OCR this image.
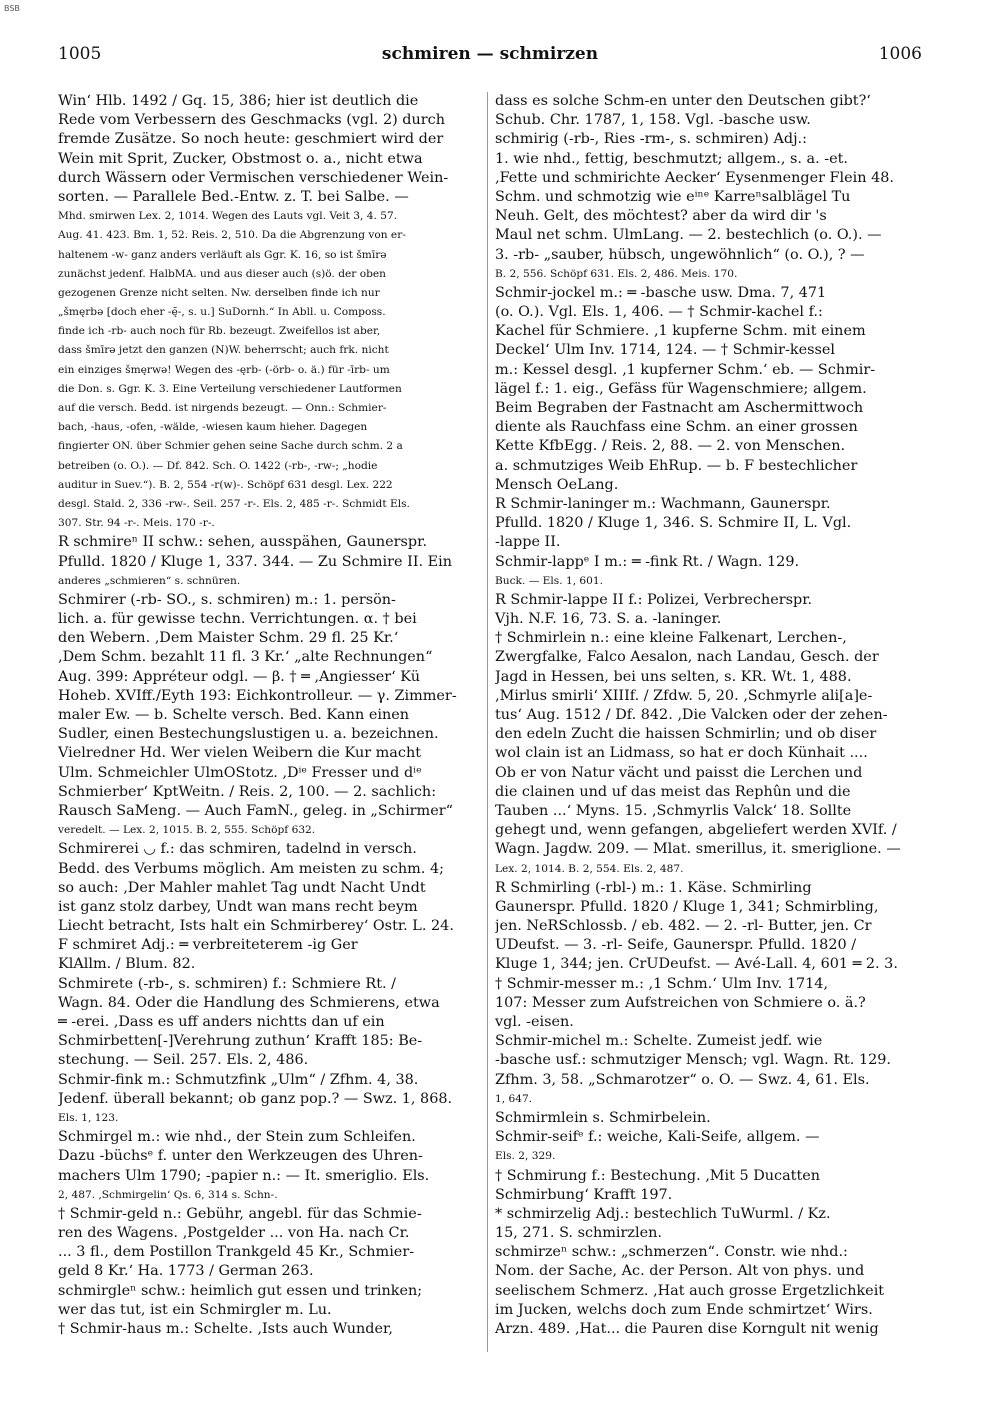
BSB
1005	schmiren — schmirzen	1006
Win‘ Hlb. 1492 / Gq. 15, 386; hier ist deutlich die
Rede vom Verbessern des Geschmacks (vgl. 2) durch
fremde Zusätze. So noch heute: geschmiert wird der
Wein mit Sprit, Zucker, Obstmost o. a., nicht etwa
durch Wässern oder Vermischen verschiedener Wein-
sorten. — Parallele Bed.-Entw. z. T. bei Salbe. —
Mhd. smirwen Lex. 2, 1014. Wegen des Lauts vgl. Veit 3, 4. 57.
Aug. 41. 423. Bm. 1, 52. Reis. 2, 510. Da die Abgrenzung von er-
haltenem -w- ganz anders verläuft als Ggr. K. 16, so ist šmīrə
zunächst jedenf. HalbMA. und aus dieser auch (s)ö. der oben
gezogenen Grenze nicht selten. Nw. derselben finde ich nur
„šmęrbə [doch eher -ę̄-, s. u.] SuDornh.“ In Abll. u. Composs.
finde ich -rb- auch noch für Rb. bezeugt. Zweifellos ist aber,
dass šmīrə jetzt den ganzen (N)W. beherrscht; auch frk. nicht
ein einziges šmęrwə! Wegen des -ęrb- (-örb- o. ä.) für -īrb- um
die Don. s. Ggr. K. 3. Eine Verteilung verschiedener Lautformen
auf die versch. Bedd. ist nirgends bezeugt. — Onn.: Schmier-
bach, -haus, -ofen, -wälde, -wiesen kaum hieher. Dagegen
fingierter ON. über Schmier gehen seine Sache durch schm. 2 a
betreiben (o. O.). — Df. 842. Sch. O. 1422 (-rb-, -rw-; „hodie
auditur in Suev.“). B. 2, 554 -r(w)-. Schöpf 631 desgl. Lex. 222
desgl. Stald. 2, 336 -rw-. Seil. 257 -r-. Els. 2, 485 -r-. Schmidt Els.
307. Str. 94 -r-. Meis. 170 -r-.
R schmireⁿ II schw.: sehen, ausspähen, Gaunerspr.
Pfulld. 1820 / Kluge 1, 337. 344. — Zu Schmire II. Ein
anderes „schmieren“ s. schnüren.
Schmirer (-rb- SO., s. schmiren) m.: 1. persön-
lich. a. für gewisse techn. Verrichtungen. α. † bei
den Webern. ‚Dem Maister Schm. 29 fl. 25 Kr.‘
‚Dem Schm. bezahlt 11 fl. 3 Kr.‘ „alte Rechnungen“
Aug. 399: Appréteur odgl. — β. † ═ ‚Angiesser‘ Kü
Hoheb. XVIff./Eyth 193: Eichkontrolleur. — γ. Zimmer-
maler Ew. — b. Schelte versch. Bed. Kann einen
Sudler, einen Bestechungslustigen u. a. bezeichnen.
Vielredner Hd. Wer vielen Weibern die Kur macht
Ulm. Schmeichler UlmOStotz. ‚Dⁱᵉ Fresser und dⁱᵉ
Schmierber‘ KptWeitn. / Reis. 2, 100. — 2. sachlich:
Rausch SaMeng. — Auch FamN., geleg. in „Schirmer“
veredelt. — Lex. 2, 1015. B. 2, 555. Schöpf 632.
Schmirerei ◡ f.: das schmiren, tadelnd in versch.
Bedd. des Verbums möglich. Am meisten zu schm. 4;
so auch: ‚Der Mahler mahlet Tag undt Nacht Undt
ist ganz stolz darbey, Undt wan mans recht beym
Liecht betracht, Ists halt ein Schmirberey‘ Ostr. L. 24.
F schmiret Adj.: ═ verbreiteterem -ig Ger
KlAllm. / Blum. 82.
Schmirete (-rb-, s. schmiren) f.: Schmiere Rt. /
Wagn. 84. Oder die Handlung des Schmierens, etwa
═ -erei. ‚Dass es uff anders nichtts dan uf ein
Schmirbetten[-]Verehrung zuthun‘ Krafft 185: Be-
stechung. — Seil. 257. Els. 2, 486.
Schmir-fink m.: Schmutzfink „Ulm“ / Zfhm. 4, 38.
Jedenf. überall bekannt; ob ganz pop.? — Swz. 1, 868.
Els. 1, 123.
Schmirgel m.: wie nhd., der Stein zum Schleifen.
Dazu -büchsᵉ f. unter den Werkzeugen des Uhren-
machers Ulm 1790; -papier n.: — It. smeriglio. Els.
2, 487. ‚Schmirgelin‘ Qs. 6, 314 s. Schn-.
† Schmir-geld n.: Gebühr, angebl. für das Schmie-
ren des Wagens. ‚Postgelder ... von Ha. nach Cr.
... 3 fl., dem Postillon Trankgeld 45 Kr., Schmier-
geld 8 Kr.‘ Ha. 1773 / German 263.
schmirgleⁿ schw.: heimlich gut essen und trinken;
wer das tut, ist ein Schmirgler m. Lu.
† Schmir-haus m.: Schelte. ‚Ists auch Wunder,
dass es solche Schm-en unter den Deutschen gibt?‘
Schub. Chr. 1787, 1, 158. Vgl. -basche usw.
schmirig (-rb-, Ries -rm-, s. schmiren) Adj.:
1. wie nhd., fettig, beschmutzt; allgem., s. a. -et.
‚Fette und schmirichte Aecker‘ Eysenmenger Flein 48.
Schm. und schmotzig wie eⁱⁿᵉ Karreⁿsalblägel Tu
Neuh. Gelt, des möchtest? aber da wird dir 's
Maul net schm. UlmLang. — 2. bestechlich (o. O.). —
3. -rb- „sauber, hübsch, ungewöhnlich“ (o. O.), ? —
B. 2, 556. Schöpf 631. Els. 2, 486. Meis. 170.
Schmir-jockel m.: ═ -basche usw. Dma. 7, 471
(o. O.). Vgl. Els. 1, 406. — † Schmir-kachel f.:
Kachel für Schmiere. ‚1 kupferne Schm. mit einem
Deckel‘ Ulm Inv. 1714, 124. — † Schmir-kessel
m.: Kessel desgl. ‚1 kupferner Schm.‘ eb. — Schmir-
lägel f.: 1. eig., Gefäss für Wagenschmiere; allgem.
Beim Begraben der Fastnacht am Aschermittwoch
diente als Rauchfass eine Schm. an einer grossen
Kette KfbEgg. / Reis. 2, 88. — 2. von Menschen.
a. schmutziges Weib EhRup. — b. F bestechlicher
Mensch OeLang.
R Schmir-laninger m.: Wachmann, Gaunerspr.
Pfulld. 1820 / Kluge 1, 346. S. Schmire II, L. Vgl.
-lappe II.
Schmir-lappᵉ I m.: ═ -fink Rt. / Wagn. 129.
Buck. — Els. 1, 601.
R Schmir-lappe II f.: Polizei, Verbrecherspr.
Vjh. N.F. 16, 73. S. a. -laninger.
† Schmirlein n.: eine kleine Falkenart, Lerchen-,
Zwergfalke, Falco Aesalon, nach Landau, Gesch. der
Jagd in Hessen, bei uns selten, s. KR. Wt. 1, 488.
‚Mirlus smirli‘ XIIIf. / Zfdw. 5, 20. ‚Schmyrle ali[a]e-
tus‘ Aug. 1512 / Df. 842. ‚Die Valcken oder der zehen-
den edeln Zucht die haissen Schmirlin; und ob diser
wol clain ist an Lidmass, so hat er doch Künhait ....
Ob er von Natur vächt und paisst die Lerchen und
die clainen und uf das meist das Rephûn und die
Tauben ...‘ Myns. 15. ‚Schmyrlis Valck‘ 18. Sollte
gehegt und, wenn gefangen, abgeliefert werden XVIf. /
Wagn. Jagdw. 209. — Mlat. smerillus, it. smeriglione. —
Lex. 2, 1014. B. 2, 554. Els. 2, 487.
R Schmirling (-rbl-) m.: 1. Käse. Schmirling
Gaunerspr. Pfulld. 1820 / Kluge 1, 341; Schmirbling,
jen. NeRSchlossb. / eb. 482. — 2. -rl- Butter, jen. Cr
UDeufst. — 3. -rl- Seife, Gaunerspr. Pfulld. 1820 /
Kluge 1, 344; jen. CrUDeufst. — Avé-Lall. 4, 601 ═ 2. 3.
† Schmir-messer m.: ‚1 Schm.‘ Ulm Inv. 1714,
107: Messer zum Aufstreichen von Schmiere o. ä.?
vgl. -eisen.
Schmir-michel m.: Schelte. Zumeist jedf. wie
-basche usf.: schmutziger Mensch; vgl. Wagn. Rt. 129.
Zfhm. 3, 58. „Schmarotzer“ o. O. — Swz. 4, 61. Els.
1, 647.
Schmirmlein s. Schmirbelein.
Schmir-seifᵉ f.: weiche, Kali-Seife, allgem. —
Els. 2, 329.
† Schmirung f.: Bestechung. ‚Mit 5 Ducatten
Schmirbung‘ Krafft 197.
* schmirzelig Adj.: bestechlich TuWurml. / Kz.
15, 271. S. schmirzlen.
schmirzeⁿ schw.: „schmerzen“. Constr. wie nhd.:
Nom. der Sache, Ac. der Person. Alt von phys. und
seelischem Schmerz. ‚Hat auch grosse Ergetzlichkeit
im Jucken, welchs doch zum Ende schmirtzet‘ Wirs.
Arzn. 489. ‚Hat... die Pauren dise Korngult nit wenig
